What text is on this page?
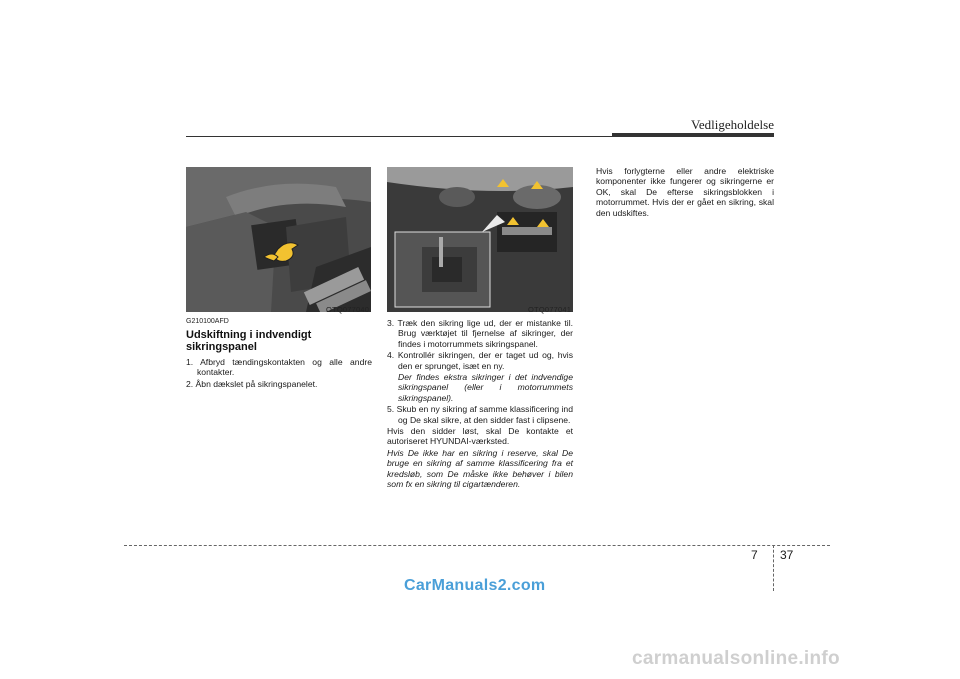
Vedligeholdelse
OTQ077040	OTQ077041
G210100AFD
Udskiftning i indvendigt sikringspanel

1. Afbryd tændingskontakten og alle andre kontakter.

2. Åbn dækslet på sikringspanelet.

3. Træk den sikring lige ud, der er mistanke til. Brug værktøjet til fjernelse af sikringer, der findes i motorrummets sikringspanel.

4. Kontrollér sikringen, der er taget ud og, hvis den er sprunget, isæt en ny.

Der findes ekstra sikringer i det indvendige sikringspanel (eller i motorrummets sikringspanel).

5. Skub en ny sikring af samme klassificering ind og De skal sikre, at den sidder fast i clipsene.

Hvis den sidder løst, skal De kontakte et autoriseret HYUNDAI-værksted.

Hvis De ikke har en sikring i reserve, skal De bruge en sikring af samme klassificering fra et kredsløb, som De måske ikke behøver i bilen som fx en sikring til cigartænderen.

Hvis forlygterne eller andre elektriske komponenter ikke fungerer og sikringerne er OK, skal De efterse sikringsblokken i motorrummet. Hvis der er gået en sikring, skal den udskiftes.

7 37
CarManuals2.com
carmanualsonline.info
